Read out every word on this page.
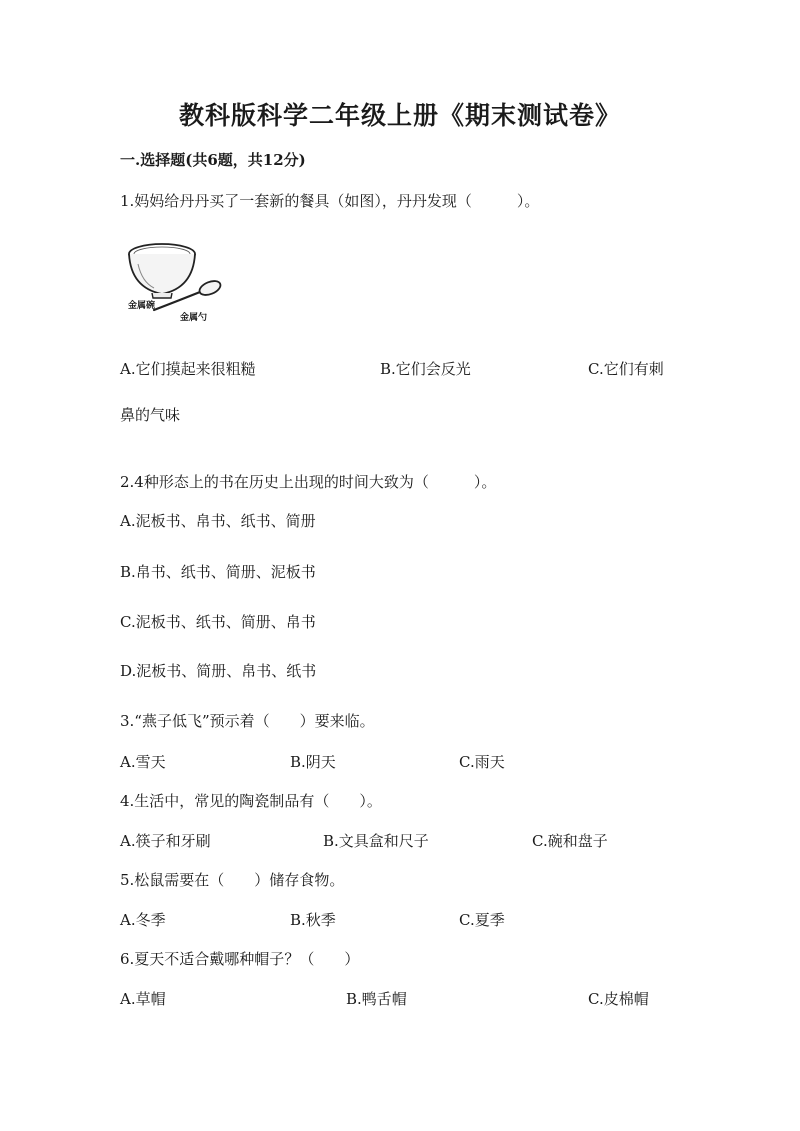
教科版科学二年级上册《期末测试卷》
一.选择题(共6题，共12分)
1.妈妈给丹丹买了一套新的餐具（如图），丹丹发现（　　　）。
金属碗
金属勺
A.它们摸起来很粗糙	B.它们会反光	C.它们有刺
鼻的气味
2.4种形态上的书在历史上出现的时间大致为（　　　）。
A.泥板书、帛书、纸书、简册
B.帛书、纸书、简册、泥板书
C.泥板书、纸书、简册、帛书
D.泥板书、简册、帛书、纸书
3.“燕子低飞”预示着（　　）要来临。
A.雪天	B.阴天	C.雨天
4.生活中，常见的陶瓷制品有（　　）。
A.筷子和牙刷	B.文具盒和尺子	C.碗和盘子
5.松鼠需要在（　　）储存食物。
A.冬季	B.秋季	C.夏季
6.夏天不适合戴哪种帽子？（　　）
A.草帽	B.鸭舌帽	C.皮棉帽
